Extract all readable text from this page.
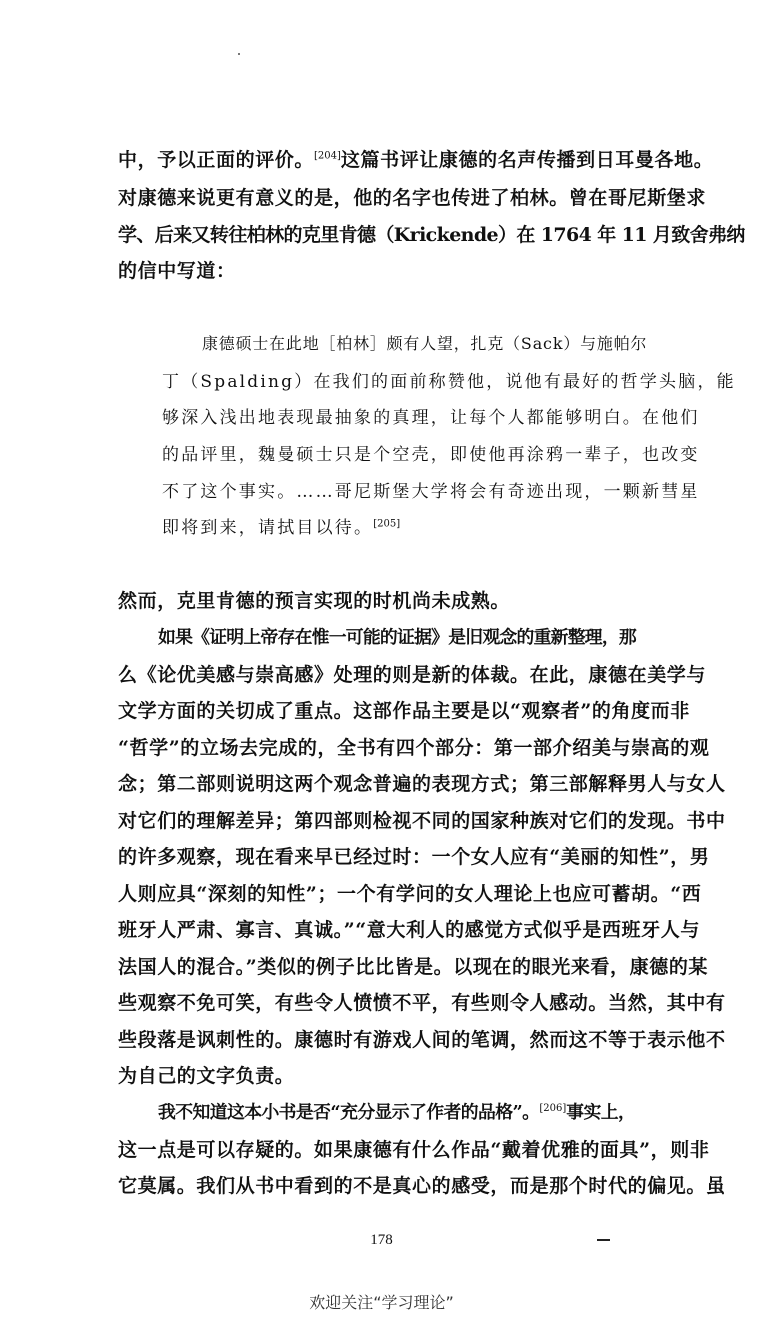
中，予以正面的评价。[204]这篇书评让康德的名声传播到日耳曼各地。
对康德来说更有意义的是，他的名字也传进了柏林。曾在哥尼斯堡求
学、后来又转往柏林的克里肯德（Krickende）在 1764 年 11 月致舍弗纳
的信中写道：
康德硕士在此地［柏林］颇有人望，扎克（Sack）与施帕尔
丁（Spalding）在我们的面前称赞他，说他有最好的哲学头脑，能
够深入浅出地表现最抽象的真理，让每个人都能够明白。在他们
的品评里，魏曼硕士只是个空壳，即使他再涂鸦一辈子，也改变
不了这个事实。……哥尼斯堡大学将会有奇迹出现，一颗新彗星
即将到来，请拭目以待。[205]
然而，克里肯德的预言实现的时机尚未成熟。
如果《证明上帝存在惟一可能的证据》是旧观念的重新整理，那
么《论优美感与崇高感》处理的则是新的体裁。在此，康德在美学与
文学方面的关切成了重点。这部作品主要是以“观察者”的角度而非
“哲学”的立场去完成的，全书有四个部分：第一部介绍美与崇高的观
念；第二部则说明这两个观念普遍的表现方式；第三部解释男人与女人
对它们的理解差异；第四部则检视不同的国家种族对它们的发现。书中
的许多观察，现在看来早已经过时：一个女人应有“美丽的知性”，男
人则应具“深刻的知性”；一个有学问的女人理论上也应可蓄胡。“西
班牙人严肃、寡言、真诚。”“意大利人的感觉方式似乎是西班牙人与
法国人的混合。”类似的例子比比皆是。以现在的眼光来看，康德的某
些观察不免可笑，有些令人愤愤不平，有些则令人感动。当然，其中有
些段落是讽刺性的。康德时有游戏人间的笔调，然而这不等于表示他不
为自己的文字负责。
我不知道这本小书是否“充分显示了作者的品格”。[206]事实上，
这一点是可以存疑的。如果康德有什么作品“戴着优雅的面具”，则非
它莫属。我们从书中看到的不是真心的感受，而是那个时代的偏见。虽
178
欢迎关注“学习理论”
